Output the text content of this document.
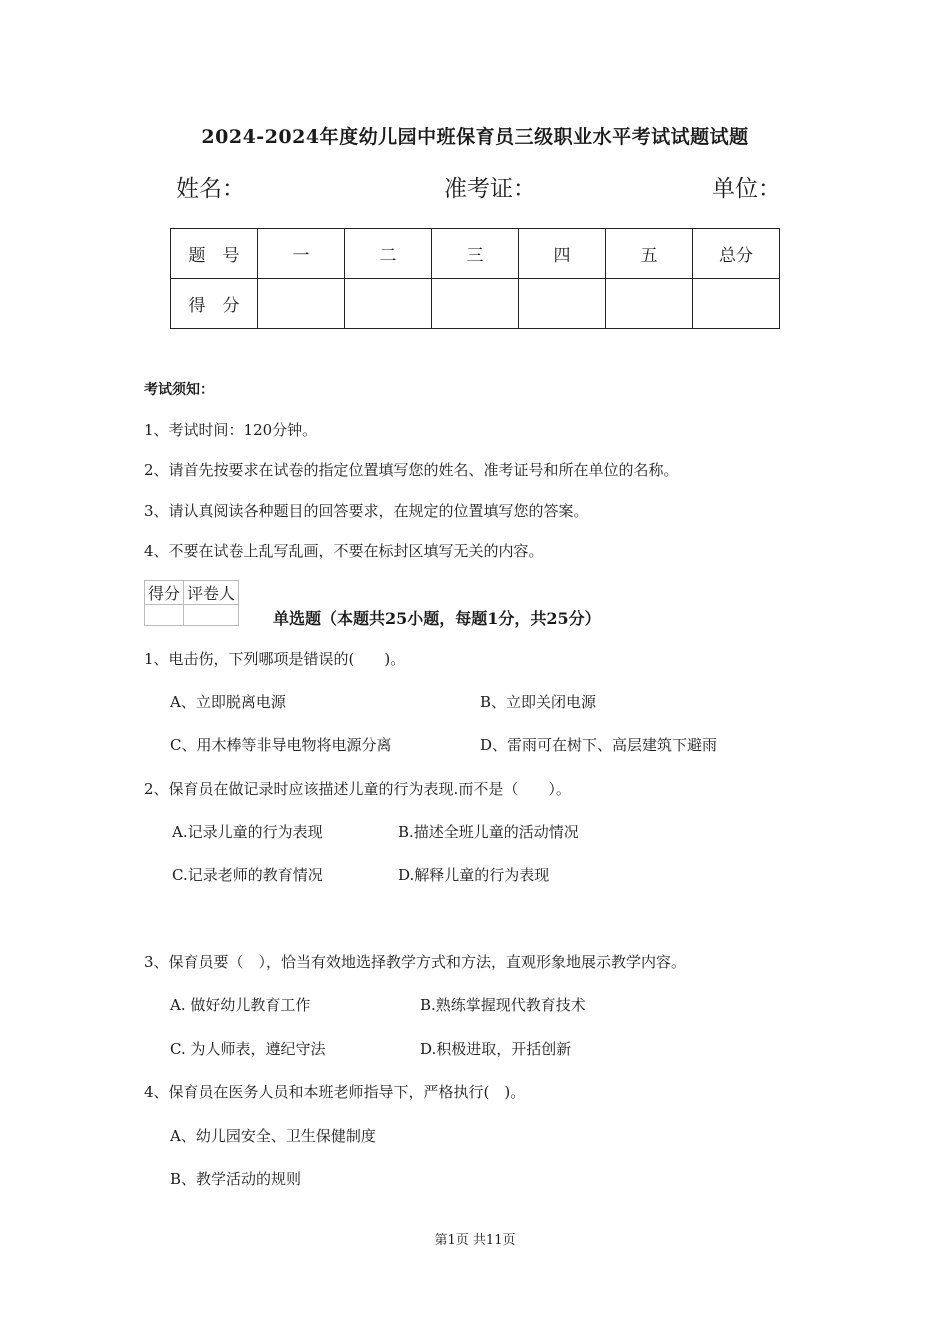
2024-2024年度幼儿园中班保育员三级职业水平考试试题试题
姓名：	准考证：	单位：
题　号	一	二	三	四	五	总分
得　分						
考试须知：
1、考试时间：120分钟。
2、请首先按要求在试卷的指定位置填写您的姓名、准考证号和所在单位的名称。
3、请认真阅读各种题目的回答要求，在规定的位置填写您的答案。
4、不要在试卷上乱写乱画，不要在标封区填写无关的内容。
得分	评卷人

单选题（本题共25小题，每题1分，共25分）
1、电击伤，下列哪项是错误的(　　)。
A、立即脱离电源	B、立即关闭电源
C、用木棒等非导电物将电源分离	D、雷雨可在树下、高层建筑下避雨
2、保育员在做记录时应该描述儿童的行为表现.而不是（　　）。
A.记录儿童的行为表现	B.描述全班儿童的活动情况
C.记录老师的教育情况	D.解释儿童的行为表现
3、保育员要（　），恰当有效地选择教学方式和方法，直观形象地展示教学内容。
A. 做好幼儿教育工作	B.熟练掌握现代教育技术
C. 为人师表，遵纪守法	D.积极进取，开括创新
4、保育员在医务人员和本班老师指导下，严格执行(　)。
A、幼儿园安全、卫生保健制度
B、教学活动的规则
第1页 共11页
